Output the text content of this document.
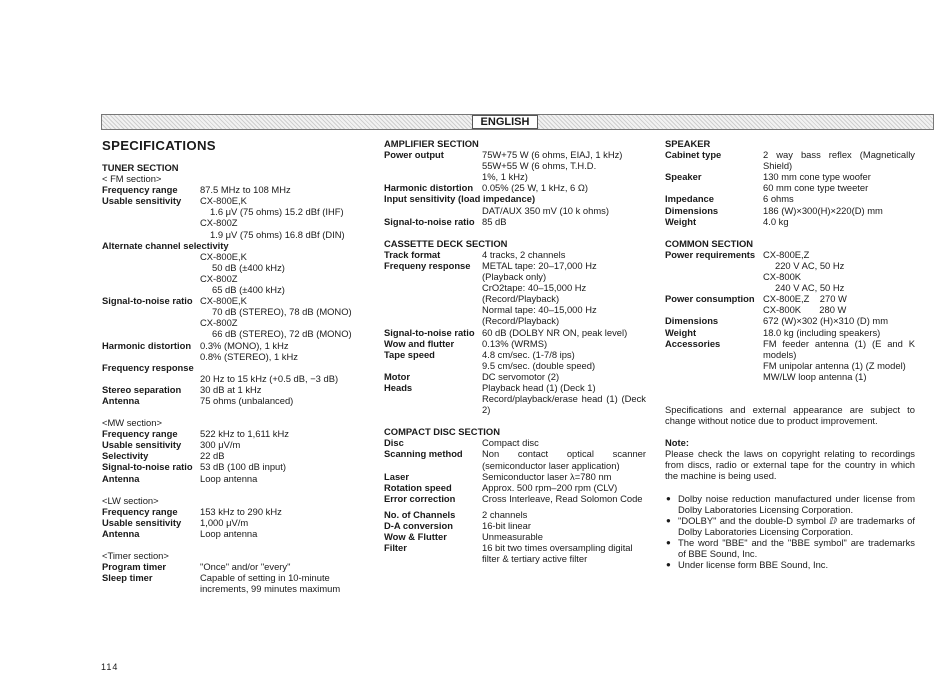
ENGLISH
SPECIFICATIONS
TUNER SECTION
< FM section>
Frequency range	87.5 MHz to 108 MHz
Usable sensitivity	CX-800E,K
1.6 μV (75 ohms) 15.2 dBf (IHF)
CX-800Z
1.9 μV (75 ohms) 16.8 dBf (DIN)
Alternate channel selectivity
CX-800E,K
50 dB (±400 kHz)
CX-800Z
65 dB (±400 kHz)
Signal-to-noise ratio CX-800E,K
70 dB (STEREO), 78 dB (MONO)
CX-800Z
66 dB (STEREO), 72 dB (MONO)
Harmonic distortion 0.3% (MONO), 1 kHz
0.8% (STEREO), 1 kHz
Frequency response
20 Hz to 15 kHz (+0.5 dB, −3 dB)
Stereo separation	30 dB at 1 kHz
Antenna	75 ohms (unbalanced)
<MW section>
Frequency range	522 kHz to 1,611 kHz
Usable sensitivity	300 μV/m
Selectivity	22 dB
Signal-to-noise ratio 53 dB (100 dB input)
Antenna	Loop antenna
<LW section>
Frequency range	153 kHz to 290 kHz
Usable sensitivity	1,000 μV/m
Antenna	Loop antenna
<Timer section>
Program timer	"Once" and/or "every"
Sleep timer	Capable of setting in 10-minute increments, 99 minutes maximum
AMPLIFIER SECTION
Power output	75W+75 W (6 ohms, EIAJ, 1 kHz)
55W+55 W (6 ohms, T.H.D.
1%, 1 kHz)
Harmonic distortion 0.05% (25 W, 1 kHz, 6 Ω)
Input sensitivity (load impedance)
DAT/AUX 350 mV (10 k ohms)
Signal-to-noise ratio 85 dB
CASSETTE DECK SECTION
Track format	4 tracks, 2 channels
Frequeny response	METAL tape: 20–17,000 Hz
(Playback only)
CrO2tape: 40–15,000 Hz
(Record/Playback)
Normal tape: 40–15,000 Hz
(Record/Playback)
Signal-to-noise ratio 60 dB (DOLBY NR ON, peak level)
Wow and flutter	0.13% (WRMS)
Tape speed	4.8 cm/sec. (1-7/8 ips)
9.5 cm/sec. (double speed)
Motor	DC servomotor (2)
Heads	Playback head (1) (Deck 1)
Record/playback/erase head (1) (Deck 2)
COMPACT DISC SECTION
Disc	Compact disc
Scanning method	Non contact optical scanner (semiconductor laser application)
Laser	Semiconductor laser λ=780 nm
Rotation speed	Approx. 500 rpm–200 rpm (CLV)
Error correction	Cross Interleave, Read Solomon Code
No. of Channels	2 channels
D-A conversion	16-bit linear
Wow & Flutter	Unmeasurable
Filter	16 bit two times oversampling digital filter & tertiary active filter
SPEAKER
Cabinet type	2 way bass reflex (Magnetically Shield)
Speaker	130 mm cone type woofer
60 mm cone type tweeter
Impedance	6 ohms
Dimensions	186 (W)×300(H)×220(D) mm
Weight	4.0 kg
COMMON SECTION
Power requirements CX-800E,Z
220 V AC, 50 Hz
CX-800K
240 V AC, 50 Hz
Power consumption CX-800E,Z    270 W
CX-800K       280 W
Dimensions	672 (W)×302 (H)×310 (D) mm
Weight	18.0 kg (including speakers)
Accessories	FM feeder antenna (1) (E and K models)
FM unipolar antenna (1) (Z model)
MW/LW loop antenna (1)
Specifications and external appearance are subject to change without notice due to product improvement.
Note:
Please check the laws on copyright relating to recordings from discs, radio or external tape for the country in which the machine is being used.
● Dolby noise reduction manufactured under license from Dolby Laboratories Licensing Corporation.
● "DOLBY" and the double-D symbol ⅅ are trademarks of Dolby Laboratories Licensing Corporation.
● The word "BBE" and the "BBE symbol" are trademarks of BBE Sound, Inc.
● Under license form BBE Sound, Inc.
114
